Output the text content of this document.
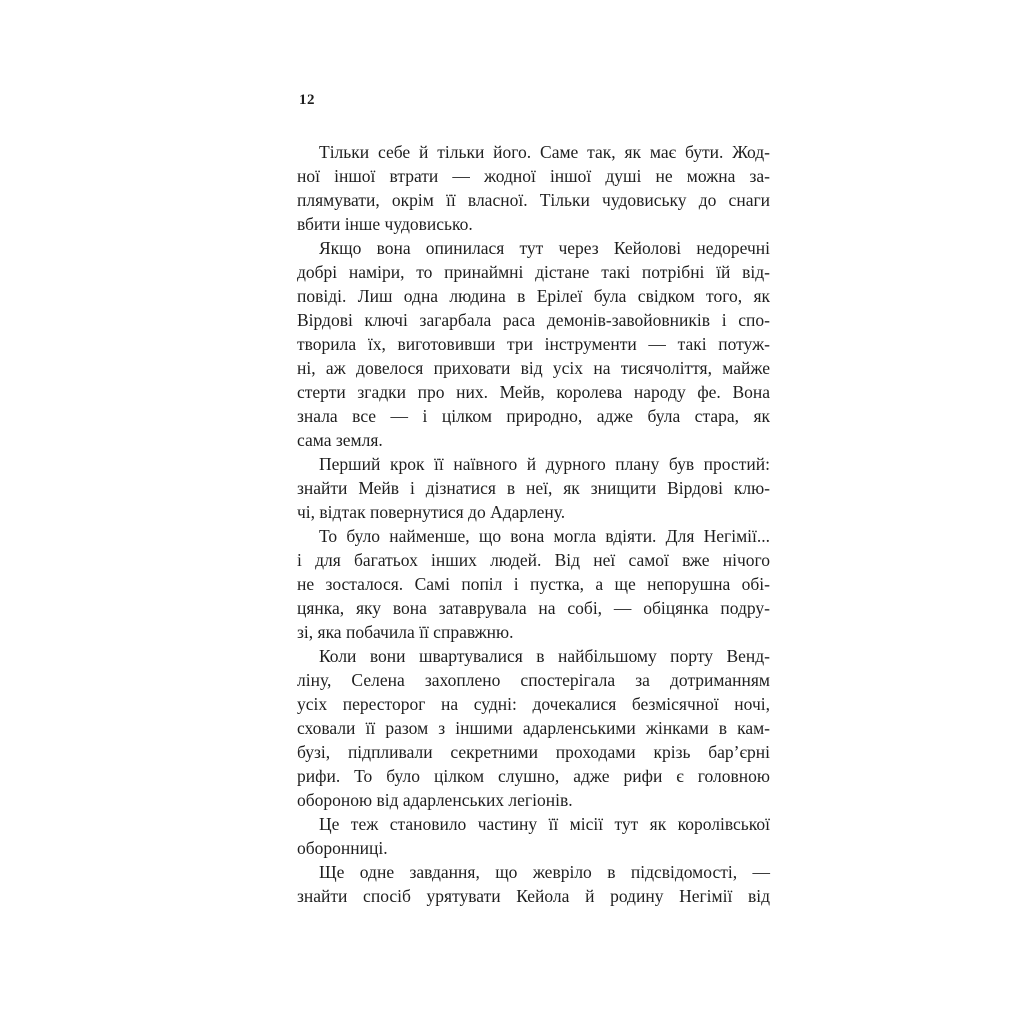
12
Тільки себе й тільки його. Саме так, як має бути. Жод-
ної іншої втрати — жодної іншої душі не можна за-
плямувати, окрім її власної. Тільки чудовиську до снаги
вбити інше чудовисько.
Якщо вона опинилася тут через Кейолові недоречні
добрі наміри, то принаймні дістане такі потрібні їй від-
повіді. Лиш одна людина в Ерілеї була свідком того, як
Вірдові ключі загарбала раса демонів-завойовників і спо-
творила їх, виготовивши три інструменти — такі потуж-
ні, аж довелося приховати від усіх на тисячоліття, майже
стерти згадки про них. Мейв, королева народу фе. Вона
знала все — і цілком природно, адже була стара, як
сама земля.
Перший крок її наївного й дурного плану був простий:
знайти Мейв і дізнатися в неї, як знищити Вірдові клю-
чі, відтак повернутися до Адарлену.
То було найменше, що вона могла вдіяти. Для Негімії...
і для багатьох інших людей. Від неї самої вже нічого
не зосталося. Самі попіл і пустка, а ще непорушна обі-
цянка, яку вона затаврувала на собі, — обіцянка подру-
зі, яка побачила її справжню.
Коли вони швартувалися в найбільшому порту Венд-
ліну, Селена захоплено спостерігала за дотриманням
усіх пересторог на судні: дочекалися безмісячної ночі,
сховали її разом з іншими адарленськими жінками в кам-
бузі, підпливали секретними проходами крізь бар’єрні
рифи. То було цілком слушно, адже рифи є головною
обороною від адарленських легіонів.
Це теж становило частину її місії тут як королівської
оборонниці.
Ще одне завдання, що жевріло в підсвідомості, —
знайти спосіб урятувати Кейола й родину Негімії від
